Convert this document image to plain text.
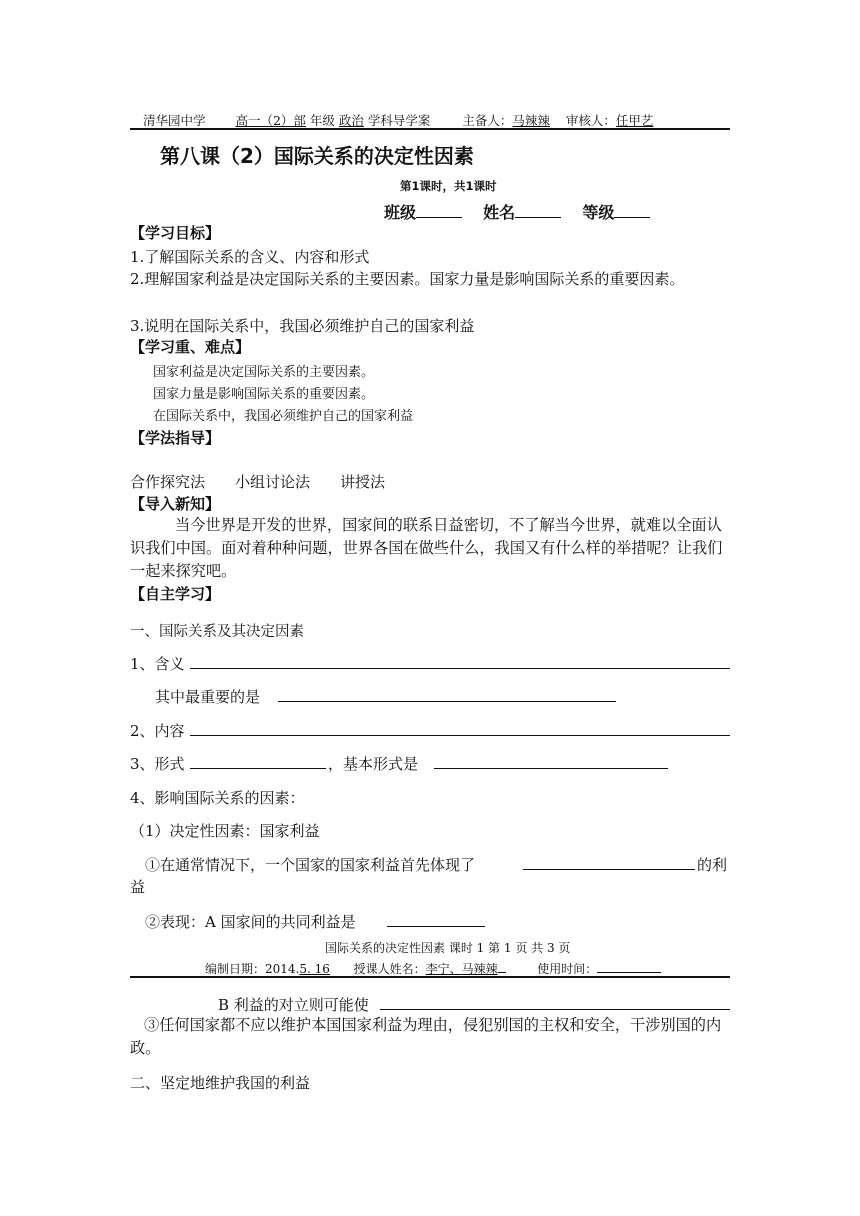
清华园中学 高一（2）部 年级 政治 学科导学案	主备人：马辣辣 审核人：任甲艺
第八课（2）国际关系的决定性因素
第1课时，共1课时
班级	姓名	等级
【学习目标】
1.了解国际关系的含义、内容和形式
2.理解国家利益是决定国际关系的主要因素。国家力量是影响国际关系的重要因素。
3.说明在国际关系中，我国必须维护自己的国家利益
【学习重、难点】
国家利益是决定国际关系的主要因素。
国家力量是影响国际关系的重要因素。
在国际关系中，我国必须维护自己的国家利益
【学法指导】
合作探究法 小组讨论法 讲授法
【导入新知】
当今世界是开发的世界，国家间的联系日益密切，不了解当今世界，就难以全面认识我们中国。面对着种种问题，世界各国在做些什么，我国又有什么样的举措呢？让我们一起来探究吧。
【自主学习】
一、国际关系及其决定因素
1、含义
其中最重要的是
2、内容
3、形式	，基本形式是
4、影响国际关系的因素：
（1）决定性因素：国家利益
①在通常情况下，一个国家的国家利益首先体现了	的利
益
②表现：A 国家间的共同利益是
国际关系的决定性因素 课时 1 第 1 页 共 3 页
编制日期：2014.5. 16 授课人姓名：李宁、马辣辣	使用时间：
B 利益的对立则可能使
③任何国家都不应以维护本国国家利益为理由，侵犯别国的主权和安全，干涉别国的内政。
二、坚定地维护我国的利益
